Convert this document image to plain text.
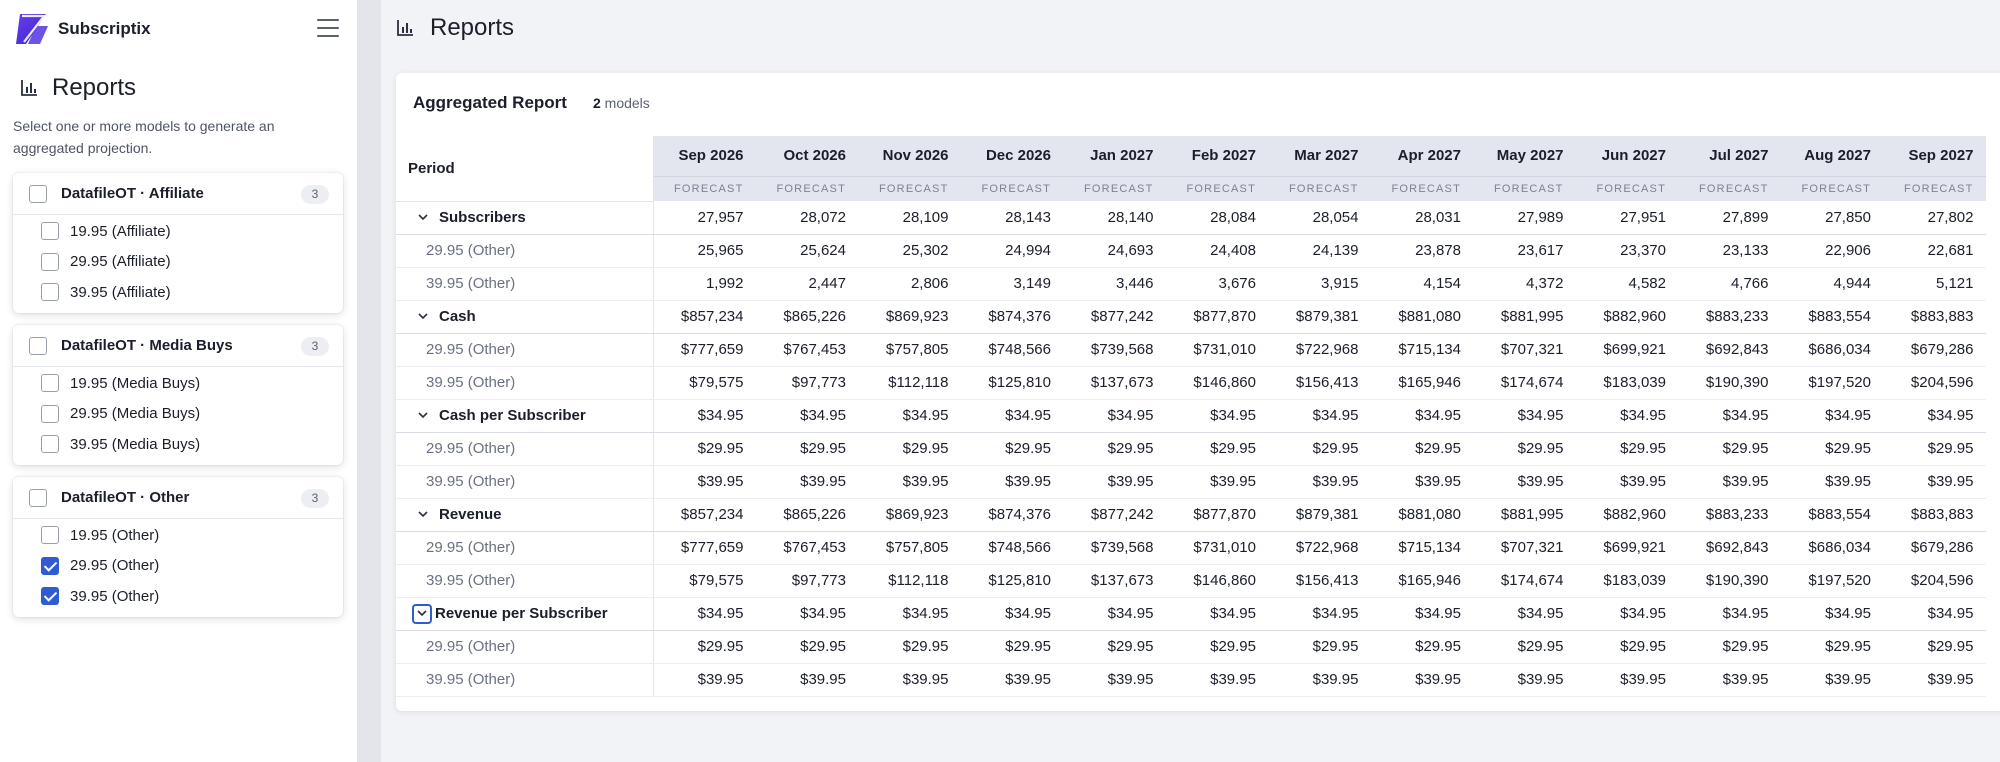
Subscriptix
Reports
Select one or more models to generate an aggregated projection.
DatafileOT · Affiliate	3
19.95 (Affiliate)
29.95 (Affiliate)
39.95 (Affiliate)
DatafileOT · Media Buys	3
19.95 (Media Buys)
29.95 (Media Buys)
39.95 (Media Buys)
DatafileOT · Other	3
19.95 (Other)
29.95 (Other)
39.95 (Other)
Reports
Aggregated Report 2 models
Period	Sep 2026	Oct 2026	Nov 2026	Dec 2026	Jan 2027	Feb 2027	Mar 2027	Apr 2027	May 2027	Jun 2027	Jul 2027	Aug 2027	Sep 2027
	FORECAST	FORECAST	FORECAST	FORECAST	FORECAST	FORECAST	FORECAST	FORECAST	FORECAST	FORECAST	FORECAST	FORECAST	FORECAST
Subscribers	27,957	28,072	28,109	28,143	28,140	28,084	28,054	28,031	27,989	27,951	27,899	27,850	27,802
29.95 (Other)	25,965	25,624	25,302	24,994	24,693	24,408	24,139	23,878	23,617	23,370	23,133	22,906	22,681
39.95 (Other)	1,992	2,447	2,806	3,149	3,446	3,676	3,915	4,154	4,372	4,582	4,766	4,944	5,121
Cash	$857,234	$865,226	$869,923	$874,376	$877,242	$877,870	$879,381	$881,080	$881,995	$882,960	$883,233	$883,554	$883,883
29.95 (Other)	$777,659	$767,453	$757,805	$748,566	$739,568	$731,010	$722,968	$715,134	$707,321	$699,921	$692,843	$686,034	$679,286
39.95 (Other)	$79,575	$97,773	$112,118	$125,810	$137,673	$146,860	$156,413	$165,946	$174,674	$183,039	$190,390	$197,520	$204,596
Cash per Subscriber	$34.95	$34.95	$34.95	$34.95	$34.95	$34.95	$34.95	$34.95	$34.95	$34.95	$34.95	$34.95	$34.95
29.95 (Other)	$29.95	$29.95	$29.95	$29.95	$29.95	$29.95	$29.95	$29.95	$29.95	$29.95	$29.95	$29.95	$29.95
39.95 (Other)	$39.95	$39.95	$39.95	$39.95	$39.95	$39.95	$39.95	$39.95	$39.95	$39.95	$39.95	$39.95	$39.95
Revenue	$857,234	$865,226	$869,923	$874,376	$877,242	$877,870	$879,381	$881,080	$881,995	$882,960	$883,233	$883,554	$883,883
29.95 (Other)	$777,659	$767,453	$757,805	$748,566	$739,568	$731,010	$722,968	$715,134	$707,321	$699,921	$692,843	$686,034	$679,286
39.95 (Other)	$79,575	$97,773	$112,118	$125,810	$137,673	$146,860	$156,413	$165,946	$174,674	$183,039	$190,390	$197,520	$204,596
Revenue per Subscriber	$34.95	$34.95	$34.95	$34.95	$34.95	$34.95	$34.95	$34.95	$34.95	$34.95	$34.95	$34.95	$34.95
29.95 (Other)	$29.95	$29.95	$29.95	$29.95	$29.95	$29.95	$29.95	$29.95	$29.95	$29.95	$29.95	$29.95	$29.95
39.95 (Other)	$39.95	$39.95	$39.95	$39.95	$39.95	$39.95	$39.95	$39.95	$39.95	$39.95	$39.95	$39.95	$39.95
